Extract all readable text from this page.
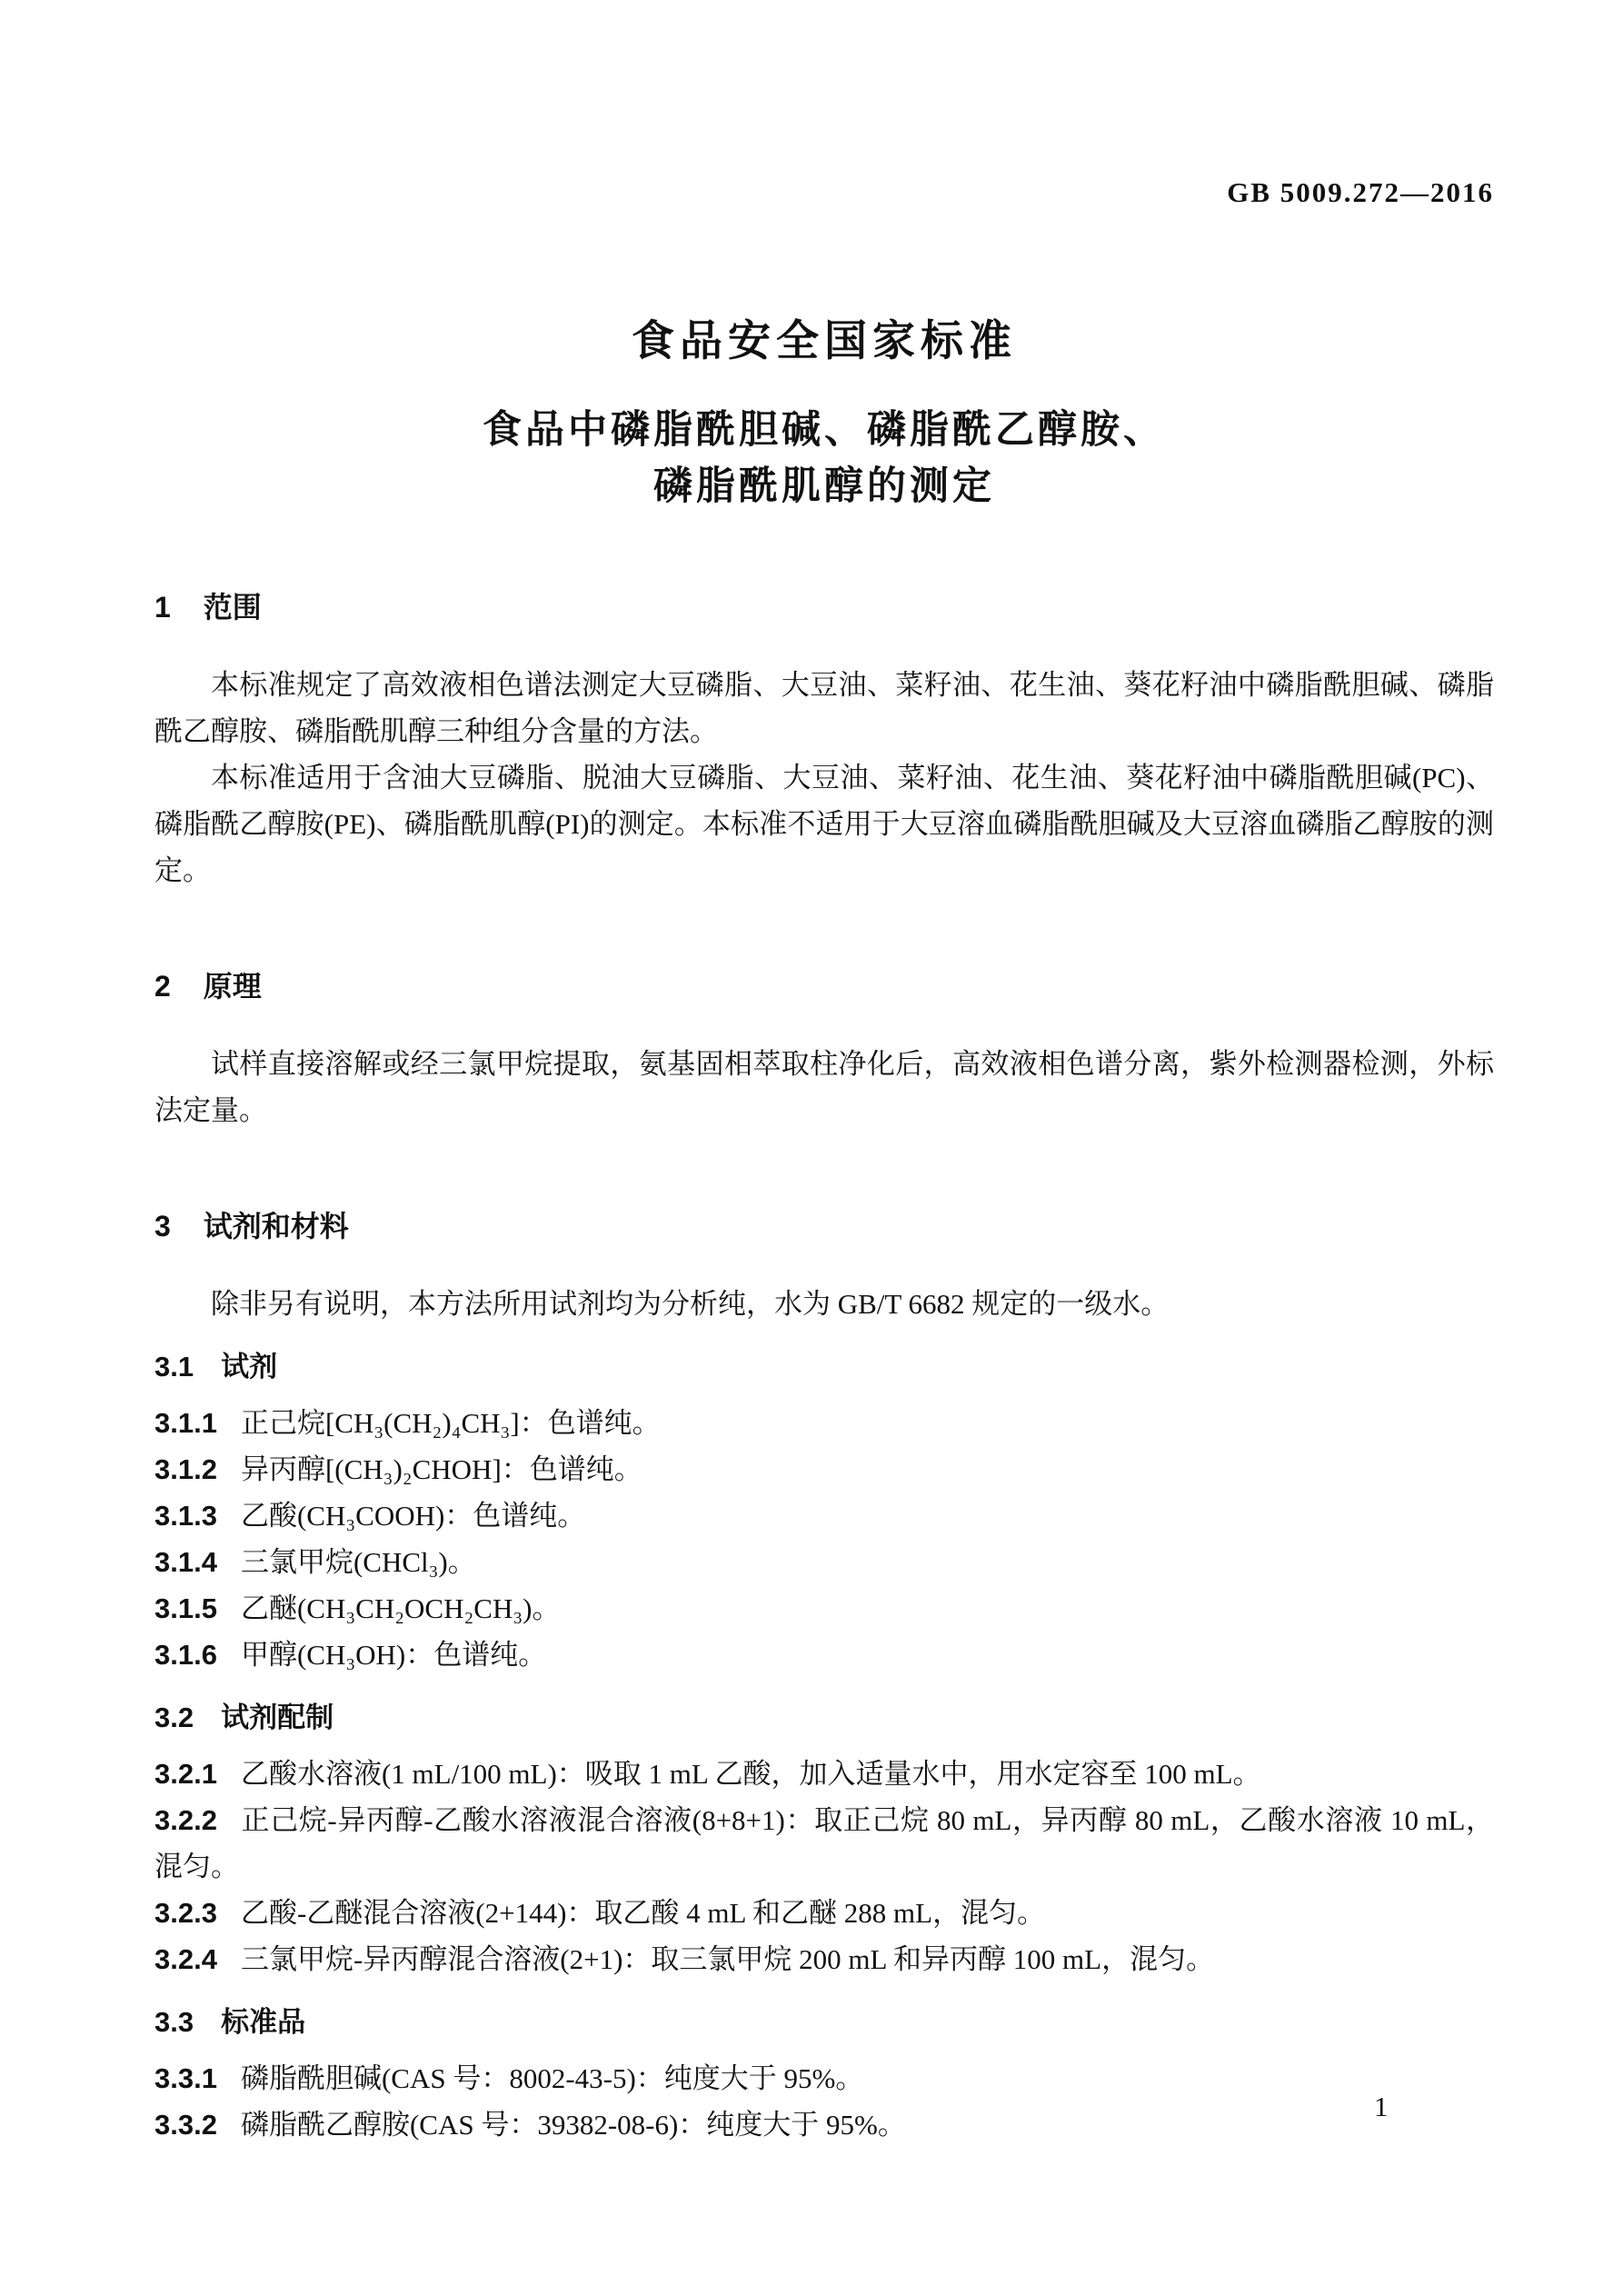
GB 5009.272—2016
食品安全国家标准
食品中磷脂酰胆碱、磷脂酰乙醇胺、
磷脂酰肌醇的测定
1 范围

本标准规定了高效液相色谱法测定大豆磷脂、大豆油、菜籽油、花生油、葵花籽油中磷脂酰胆碱、磷脂酰乙醇胺、磷脂酰肌醇三种组分含量的方法。

本标准适用于含油大豆磷脂、脱油大豆磷脂、大豆油、菜籽油、花生油、葵花籽油中磷脂酰胆碱(PC)、磷脂酰乙醇胺(PE)、磷脂酰肌醇(PI)的测定。本标准不适用于大豆溶血磷脂酰胆碱及大豆溶血磷脂乙醇胺的测定。

2 原理

试样直接溶解或经三氯甲烷提取，氨基固相萃取柱净化后，高效液相色谱分离，紫外检测器检测，外标法定量。

3 试剂和材料

除非另有说明，本方法所用试剂均为分析纯，水为 GB/T 6682 规定的一级水。

3.1 试剂

3.1.1 正己烷[CH₃(CH₂)₄CH₃]：色谱纯。

3.1.2 异丙醇[(CH₃)₂CHOH]：色谱纯。

3.1.3 乙酸(CH₃COOH)：色谱纯。

3.1.4 三氯甲烷(CHCl₃)。

3.1.5 乙醚(CH₃CH₂OCH₂CH₃)。

3.1.6 甲醇(CH₃OH)：色谱纯。

3.2 试剂配制

3.2.1 乙酸水溶液(1 mL/100 mL)：吸取 1 mL 乙酸，加入适量水中，用水定容至 100 mL。

3.2.2 正己烷-异丙醇-乙酸水溶液混合溶液(8+8+1)：取正己烷 80 mL，异丙醇 80 mL，乙酸水溶液 10 mL，混匀。

3.2.3 乙酸-乙醚混合溶液(2+144)：取乙酸 4 mL 和乙醚 288 mL，混匀。

3.2.4 三氯甲烷-异丙醇混合溶液(2+1)：取三氯甲烷 200 mL 和异丙醇 100 mL，混匀。

3.3 标准品

3.3.1 磷脂酰胆碱(CAS 号：8002-43-5)：纯度大于 95%。

3.3.2 磷脂酰乙醇胺(CAS 号：39382-08-6)：纯度大于 95%。

1
